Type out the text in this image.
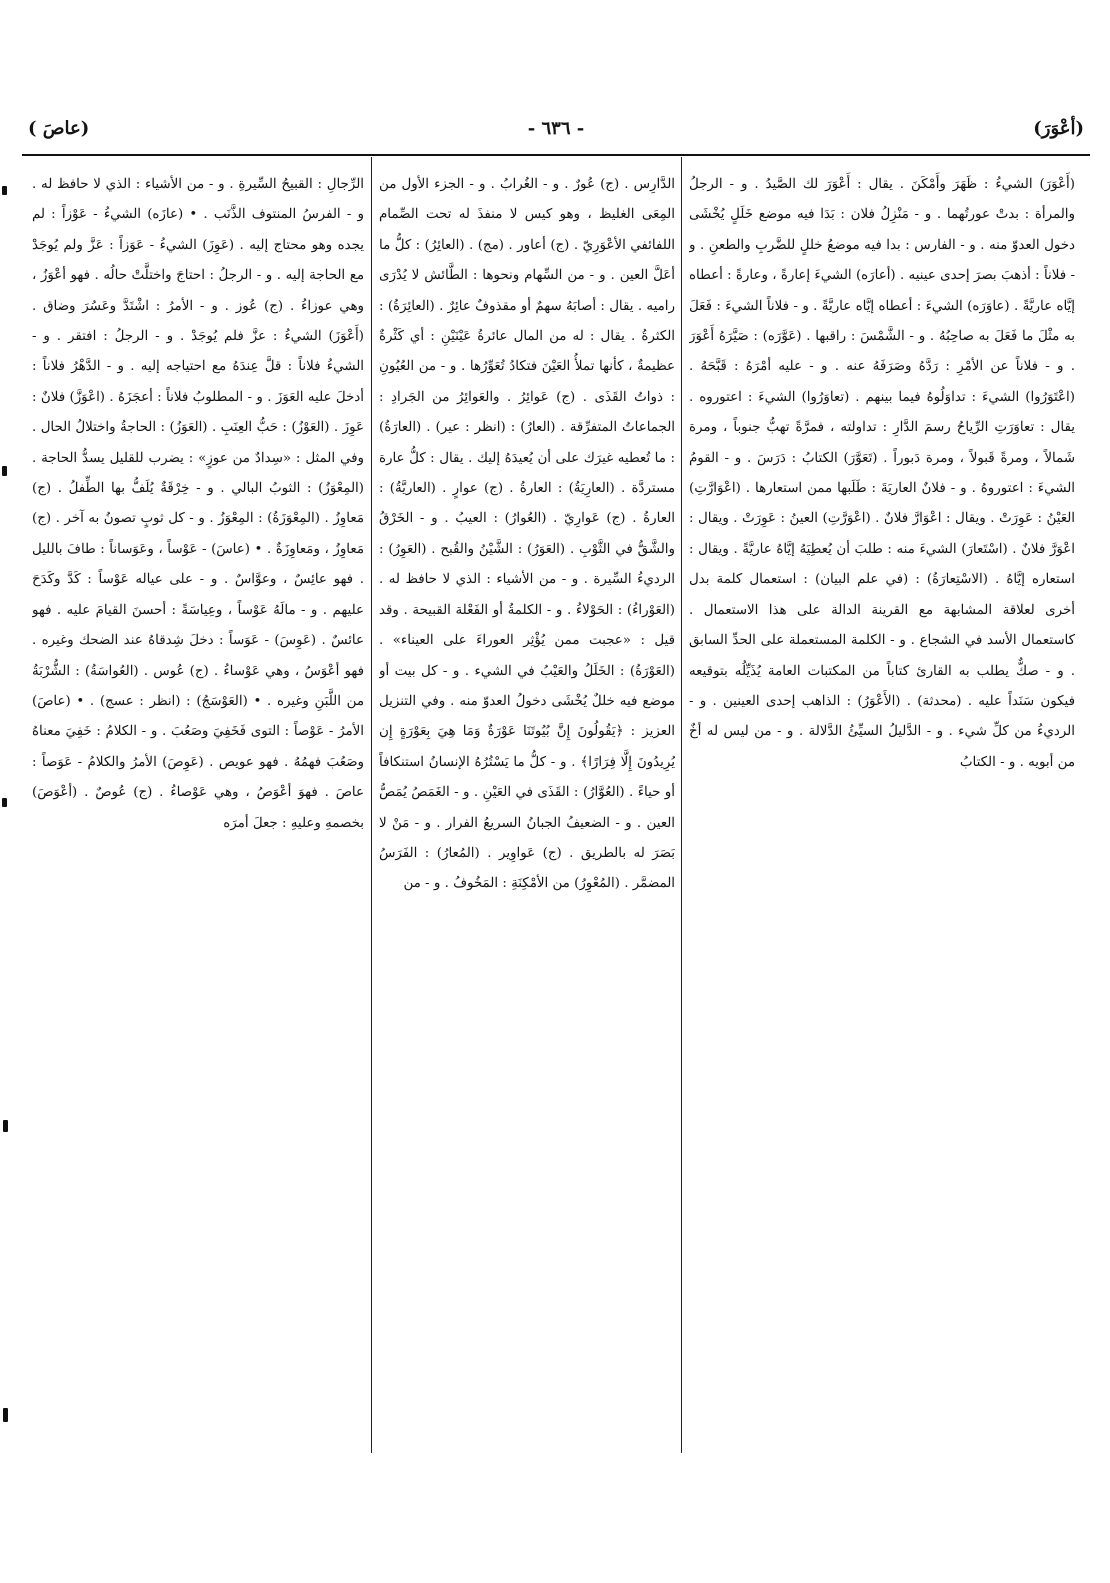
(أعْوَرَ)
- ٦٣٦ -
(عاصَ )

(أَعْوَرَ) الشيءُ : ظَهَرَ وأَمْكَنَ . يقال : أَعْوَرَ لك الصَّيدُ . و - الرجلُ والمرأة : بدتْ عورتُهما . و - مَنْزِلُ فلان : بَدَا فيه موضع خَلَلٍ يُخْشَى دخول العدوّ منه . و - الفارس : بدا فيه موضعُ خللٍ للضَّربِ والطعنِ . و - فلاناً : أذهبَ بصرَ إحدى عينيه . (أعارَه) الشيءَ إعارةً ، وعارةً : أعطاه إيَّاه عاريَّةً . (عاوَرَه) الشيءَ : أعطاه إيَّاه عاريَّةً . و - فلاناً الشيءَ : فَعَلَ به مثْلَ ما فَعَلَ به صاحِبُهُ . و - الشَّمْسَ : راقبها . (عَوَّرَه) : صَيَّرَهُ أَعْوَرَ . و - فلاناً عن الأمْرِ : رَدَّهُ وصَرَفَهُ عنه . و - عليه أمْرَهُ : قَبَّحَهُ . (اعْتَوَرُوا) الشيءَ : تداوَلُوهُ فيما بينهم . (تعاوَرُوا) الشيءَ : اعتوروه . يقال : تعاوَرَتِ الرِّياحُ رسمَ الدَّارِ : تداولته ، فمرَّةً تهبُّ جنوباً ، ومرة شَمالاً ، ومرةً قَبولاً ، ومرة دَبوراً . (تَعَوَّرَ) الكتابُ : دَرَسَ . و - القومُ الشيءَ : اعتوروهُ . و - فلانٌ العاريَةَ : طَلَبها ممن استعارها . (اعْوَارَّتِ) العَيْنُ : عَوِرَتْ . ويقال : اعْوَارَّ فلانٌ . (اعْوَرَّتِ) العينُ : عَوِرَتْ . ويقال : اعْوَرَّ فلانٌ . (اسْتَعارَ) الشيءَ منه : طلبَ أن يُعطِيَهُ إيَّاهُ عاريَّةً . ويقال : استعاره إيَّاهُ . (الاسْتِعارَةُ) : (في علم البيان) : استعمال كلمة بدل أخرى لعلاقة المشابهة مع القرينة الدالة على هذا الاستعمال . كاستعمال الأسد في الشجاع . و - الكلمة المستعملة على الحدِّ السابق . و - صكٌّ يطلب به القارئ كتاباً من المكتبات العامة يُذَيِّلُه بتوقيعه فيكون سَنَداً عليه . (محدثة) . (الأَعْوَرُ) : الذاهب إحدى العينين . و - الرديءُ من كلِّ شيء . و - الدَّليلُ السيِّئُ الدَّلالة . و - من ليس له أخٌ من أبويه . و - الكتابُ

الدَّارِس . (ج) عُورٌ . و - الغُرابُ . و - الجزء الأول من المِعَى الغليظ ، وهو كيس لا منفذَ له تحت الصِّمام اللفائفي الأعْوَرِيّ . (ج) أعاور . (مج) . (العائِرُ) : كلُّ ما أعَلَّ العين . و - من السِّهام ونحوها : الطَّائش لا يُدْرَى راميه . يقال : أصابَهُ سهمٌ أو مقذوفٌ عائِرٌ . (العائِرَةُ) : الكثرةُ . يقال : له من المال عائرةُ عَيْنَيْنِ : أي كَثْرةٌ عظيمةٌ ، كأنها تملأُ العَيْنَ فتكادُ تُعَوِّرُها . و - من العُيُونِ : ذواتُ القَذَى . (ج) عَوائِرُ . والعَوائِرُ من الجَرادِ : الجماعاتُ المتفرِّقة . (العارُ) : (انظر : عير) . (العارَةُ) : ما تُعطيه غيرَك على أن يُعيدَهُ إليك . يقال : كلُّ عارة مستردَّة . (العارِيَةُ) : العارةُ . (ج) عوارٍ . (العاريَّةُ) : العارةُ . (ج) عَوارِيّ . (العُوارُ) : العيبُ . و - الخَرْقُ والشَّقُّ في الثَّوْبِ . (العَوَرُ) : الشَّيْنُ والقُبح . (العَوِرُ) : الرديءُ السِّيرة . و - من الأشياء : الذي لا حافظ له . (العَوْراءُ) : الحَوْلاءُ . و - الكلمةُ أو الفَعْلة القبيحة . وقد قيل : «عجبت ممن يُؤْثِر العوراءَ على العيناء» . (العَوْرَةُ) : الخَلَلُ والعَيْبُ في الشيء . و - كل بيت أو موضع فيه خللٌ يُخْشَى دخولُ العدوّ منه . وفي التنزيل العزيز : ﴿يَقُولُونَ إِنَّ بُيُوتَنَا عَوْرَةٌ وَمَا هِيَ بِعَوْرَةٍ إِن يُرِيدُونَ إِلَّا فِرَارًا﴾ . و - كلُّ ما يَسْتُرُهُ الإنسانُ استنكافاً أو حياءً . (العُوَّارُ) : القَذَى في العَيْنِ . و - الغَمَصُ يُمَصُّ العين . و - الضعيفُ الجبانُ السريعُ الفرار . و - مَنْ لا بَصَرَ له بالطريق . (ج) عَواوِير . (المُعارُ) : الفَرَسُ المضمَّر . (المُعْوِرُ) من الأمْكِنَةِ : المَخُوفُ . و - من

الرِّجالِ : القبيحُ السِّيرةِ . و - من الأشياء : الذي لا حافظ له . و - الفرسُ المنتوف الذَّنَب . • (عازَه) الشيءُ - عَوْزاً : لم يجده وهو محتاج إليه . (عَوِزَ) الشيءُ - عَوَزاً : عَزَّ ولم يُوجَدْ مع الحاجة إليه . و - الرجلُ : احتاجَ واختلَّتْ حالُه . فهو أعْوَزُ ، وهي عوزاءُ . (ج) عُوز . و - الأمرُ : اشْتَدَّ وعَسُرَ وضاق . (أَعْوَزَ) الشيءُ : عزَّ فلم يُوجَدْ . و - الرجلُ : افتقر . و - الشيءُ فلاناً : قلَّ عِندَهُ مع احتياجه إليه . و - الدَّهْرُ فلاناً : أدخلَ عليه العَوَزَ . و - المطلوبُ فلاناً : أعجَزَهُ . (اعْوَزَّ) فلانٌ : عَوِزَ . (العَوْزُ) : حَبُّ العِنَبِ . (العَوَزُ) : الحاجةُ واختلالُ الحال . وفي المثل : «سِدادٌ من عوزٍ» : يضرب للقليل يسدُّ الحاجة . (المِعْوَزُ) : الثوبُ البالي . و - خِرْقَةٌ يُلَفُّ بها الطِّفلُ . (ج) مَعاوِزُ . (المِعْوَزَةُ) : المِعْوَزُ . و - كل ثوبٍ تصونُ به آخر . (ج) مَعاوِزُ ، ومَعاوِزَةٌ . • (عاسَ) - عَوْساً ، وعَوَساناً : طافَ بالليل . فهو عائِسٌ ، وعوَّاسٌ . و - على عياله عَوْساً : كَدَّ وكَدَحَ عليهم . و - مالَهُ عَوْساً ، وعِياسَةً : أحسنَ القيامَ عليه . فهو عائسٌ . (عَوِسَ) - عَوَساً : دخلَ شِدقاهُ عند الضحك وغيره . فهو أعْوَسُ ، وهي عَوْساءُ . (ج) عُوس . (العُواسَةُ) : الشُّرْبَةُ من اللَّبَنِ وغيره . • (العَوْسَجُ) : (انظر : عسج) . • (عاصَ) الأمرُ - عَوْصاً : التوى فَخَفِيَ وصَعُبَ . و - الكلامُ : خَفِيَ معناهُ وصَعُبَ فهمُهُ . فهو عويص . (عَوِصَ) الأمرُ والكلامُ - عَوَصاً : عاصَ . فهوَ أعْوَصُ ، وهي عَوْصاءُ . (ج) عُوصٌ . (أعْوَصَ) بخصمهِ وعليهِ : جعلَ أمرَه
